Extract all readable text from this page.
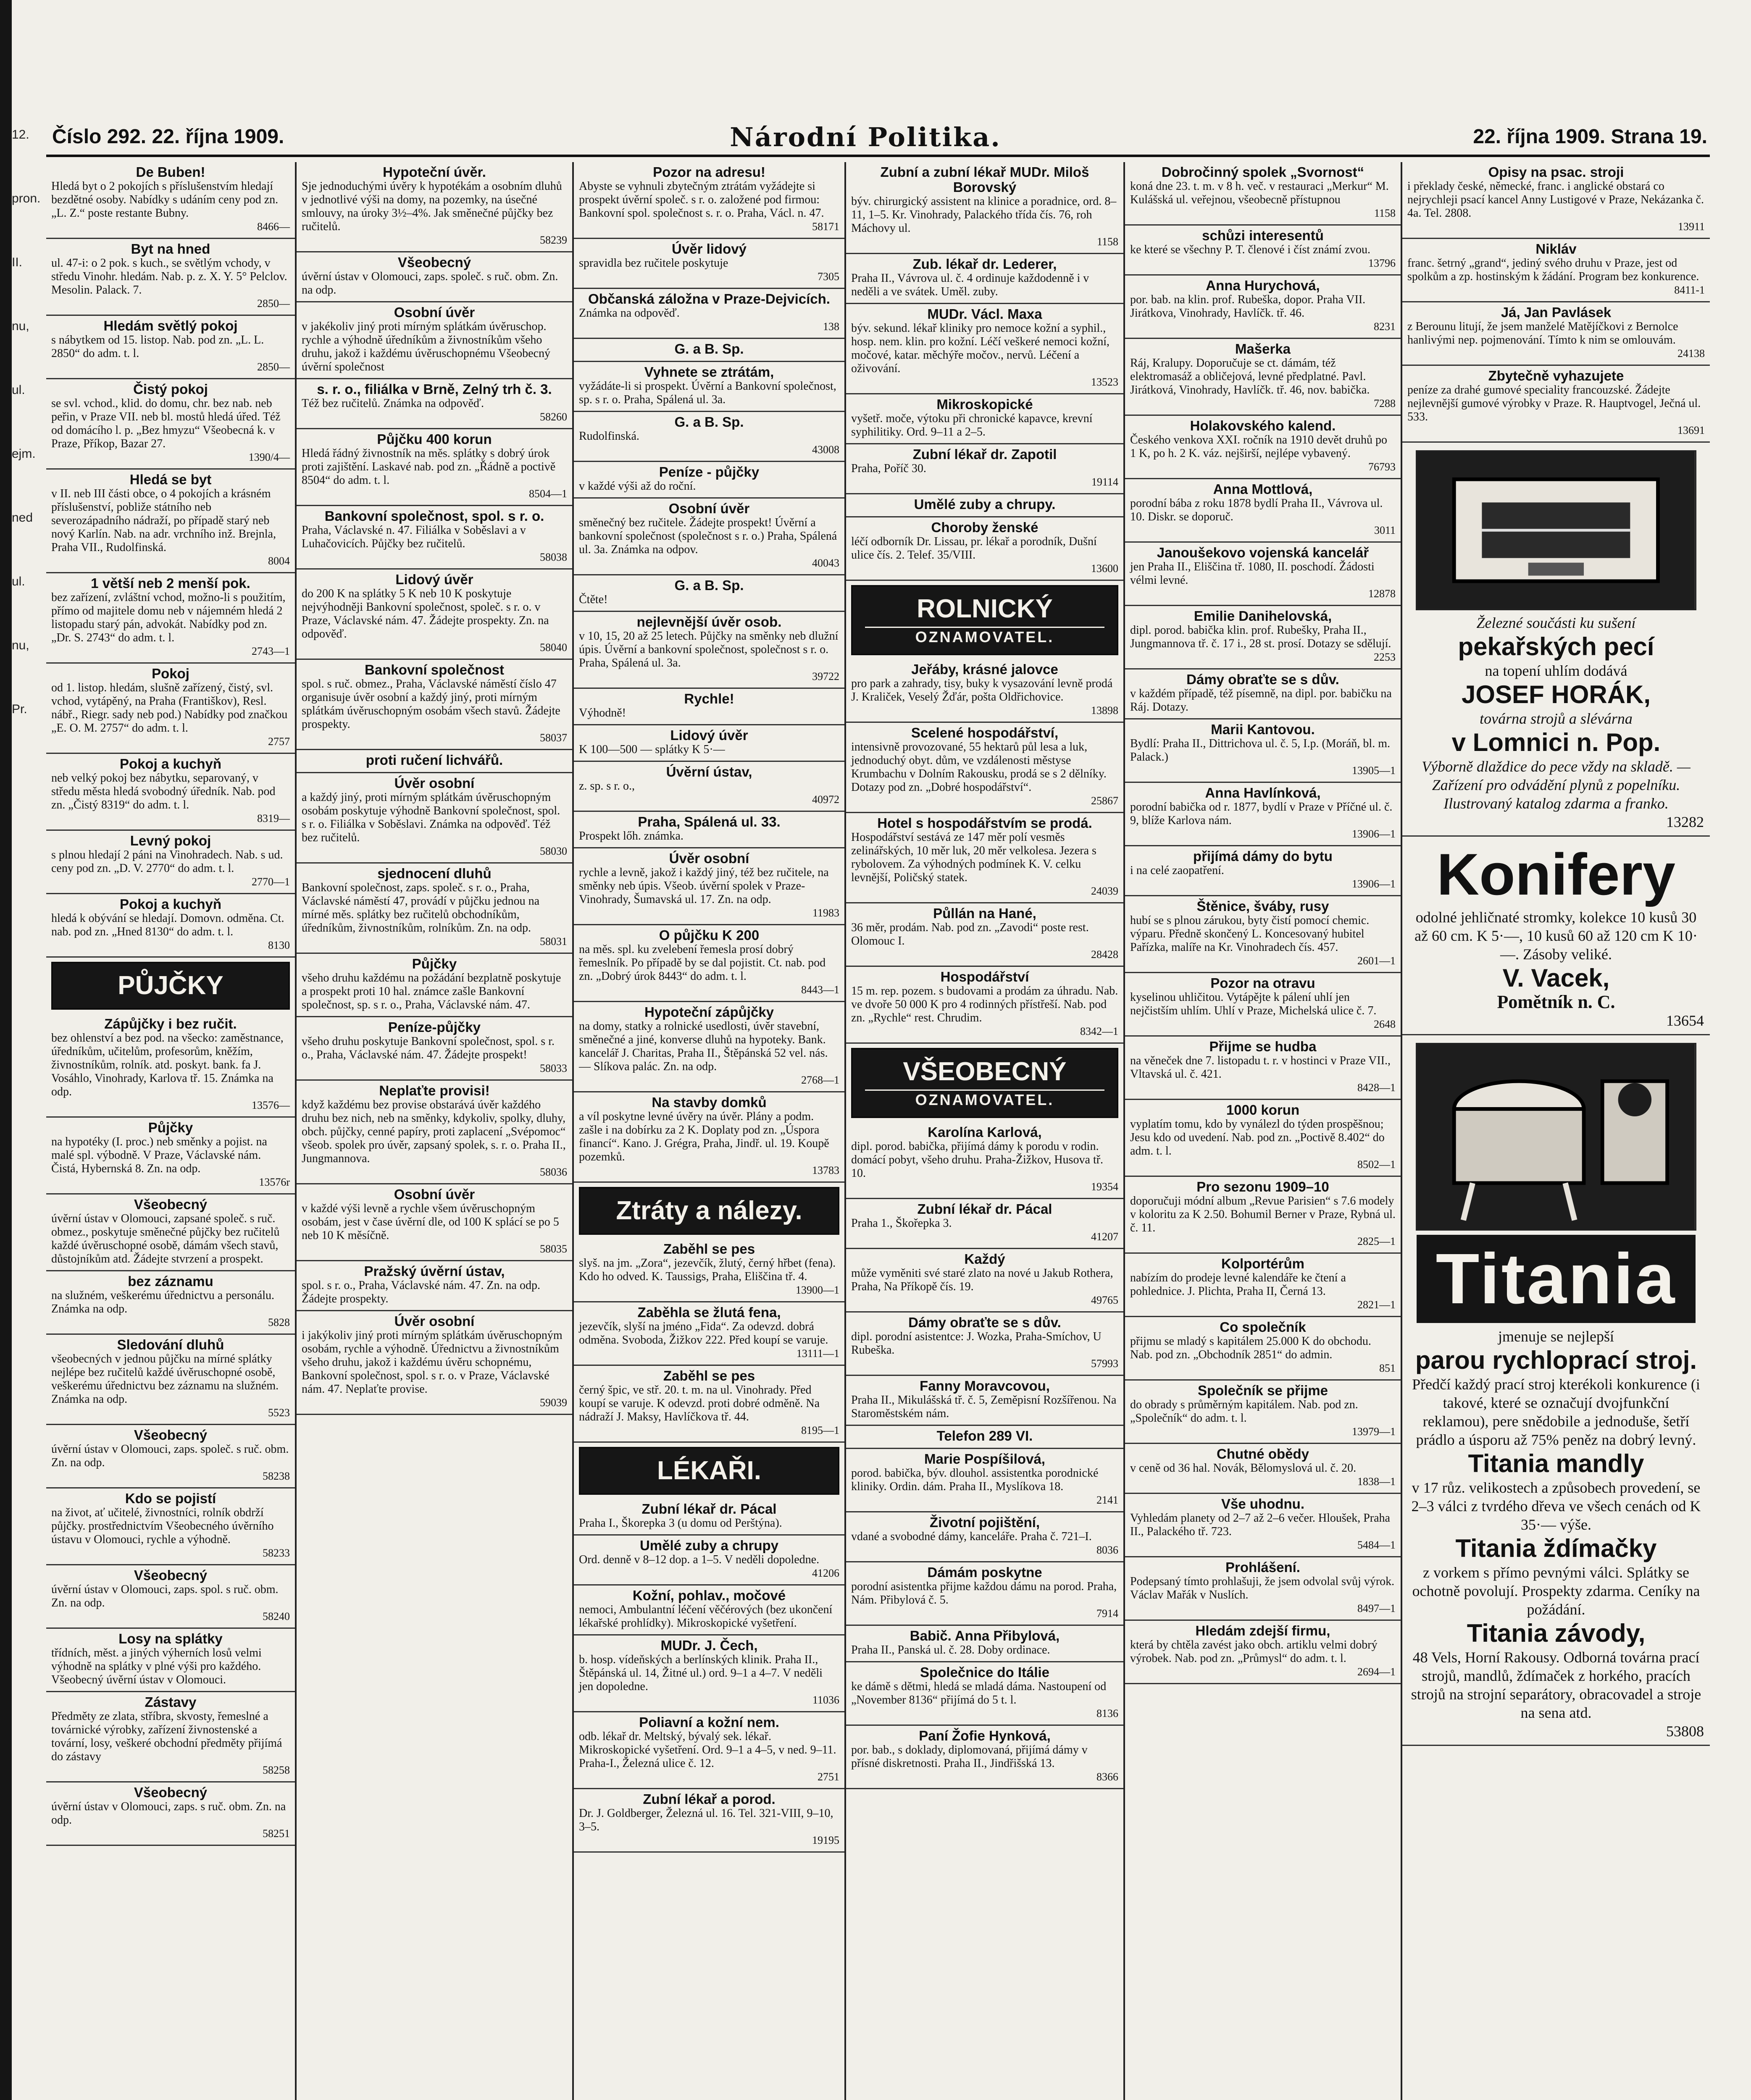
12.
pron.
II.
nu,
ul.
ejm.
ned
ul.
nu,
Pr.
Číslo 292. 22. října 1909.	Národní Politika.	22. října 1909. Strana 19.
De Buben!
Hledá byt o 2 pokojích s příslušenstvím hledají bezdětné osoby. Nabídky s udáním ceny pod zn. „L. Z.“ poste restante Bubny.
8466—
Byt na hned
ul. 47-i: o 2 pok. s kuch., se světlým vchody, v středu Vinohr. hledám. Nab. p. z. X. Y. 5° Pelclov. Mesolin. Palack. 7.
2850—
Hledám světlý pokoj
s nábytkem od 15. listop. Nab. pod zn. „L. L. 2850“ do adm. t. l.
2850—
Čistý pokoj
se svl. vchod., klid. do domu, chr. bez nab. neb peřin, v Praze VII. neb bl. mostů hledá úřed. Též od domácího l. p. „Bez hmyzu“ Všeobecná k. v Praze, Příkop, Bazar 27.
1390/4—
Hledá se byt
v II. neb III části obce, o 4 pokojích a krásném příslušenství, pobliže státního neb severozápadního nádraží, po případě starý neb nový Karlín. Nab. na adr. vrchního inž. Brejnla, Praha VII., Rudolfinská.
8004
1 větší neb 2 menší pok.
bez zařízení, zvláštní vchod, možno-li s použitím, přímo od majitele domu neb v nájemném hledá 2 listopadu starý pán, advokát. Nabídky pod zn. „Dr. S. 2743“ do adm. t. l.
2743—1
Pokoj
od 1. listop. hledám, slušně zařízený, čistý, svl. vchod, vytápěný, na Praha (Františkov), Resl. nábř., Riegr. sady neb pod.) Nabídky pod značkou „E. O. M. 2757“ do adm. t. l.
2757
Pokoj a kuchyň
neb velký pokoj bez nábytku, separovaný, v středu města hledá svobodný úředník. Nab. pod zn. „Čistý 8319“ do adm. t. l.
8319—
Levný pokoj
s plnou hledají 2 páni na Vinohradech. Nab. s ud. ceny pod zn. „D. V. 2770“ do adm. t. l.
2770—1
Pokoj a kuchyň
hledá k obývání se hledají. Domovn. odměna. Ct. nab. pod zn. „Hned 8130“ do adm. t. l.
8130
PŮJČKY
Zápůjčky i bez ručit.
bez ohlenství a bez pod. na všecko: zaměstnance, úředníkům, učitelům, profesorům, kněžím, živnostníkům, rolník. atd. poskyt. bank. fa J. Vosáhlo, Vinohrady, Karlova tř. 15. Známka na odp.
13576—
Půjčky
na hypotéky (I. proc.) neb směnky a pojist. na malé spl. výbodně. V Praze, Václavské nám. Čistá, Hybernská 8. Zn. na odp.
13576r
Všeobecný
úvěrní ústav v Olomouci, zapsané společ. s ruč. obmez., poskytuje směnečné půjčky bez ručitelů každé úvěruschopné osobě, dámám všech stavů, důstojníkům atd. Žádejte stvrzení a prospekt.
bez záznamu
na služném, veškerému úřednictvu a personálu. Známka na odp.
5828
Sledování dluhů
všeobecných v jednou půjčku na mírné splátky nejlépe bez ručitelů každé úvěruschopné osobě, veškerému úřednictvu bez záznamu na služném. Známka na odp.
5523
Všeobecný
úvěrní ústav v Olomouci, zaps. společ. s ruč. obm. Zn. na odp.
58238
Kdo se pojistí
na život, ať učitelé, živnostníci, rolník obdrží půjčky. prostřednictvím Všeobecného úvěrního ústavu v Olomouci, rychle a výhodně.
58233
Všeobecný
úvěrní ústav v Olomouci, zaps. spol. s ruč. obm. Zn. na odp.
58240
Losy na splátky
třídních, měst. a jiných výherních losů velmi výhodně na splátky v plné výši pro každého. Všeobecný úvěrní ústav v Olomouci.
Zástavy
Předměty ze zlata, stříbra, skvosty, řemeslné a továrnické výrobky, zařízení živnostenské a tovární, losy, veškeré obchodní předměty přijímá do zástavy
58258
Všeobecný
úvěrní ústav v Olomouci, zaps. s ruč. obm. Zn. na odp.
58251
Hypoteční úvěr.
Sje jednoduchými úvěry k hypotékám a osobním dluhů v jednotlivé výši na domy, na pozemky, na úsečné smlouvy, na úroky 3½–4%. Jak směnečné půjčky bez ručitelů.
58239
Všeobecný
úvěrní ústav v Olomouci, zaps. společ. s ruč. obm. Zn. na odp.
Osobní úvěr
v jakékoliv jiný proti mírným splátkám úvěruschop. rychle a výhodně úředníkům a živnostníkům všeho druhu, jakož i každému úvěruschopnému Všeobecný úvěrní společnost
s. r. o., filiálka v Brně, Zelný trh č. 3.
Též bez ručitelů. Známka na odpověď.
58260
Půjčku 400 korun
Hledá řádný živnostník na měs. splátky s dobrý úrok proti zajištění. Laskavé nab. pod zn. „Řádně a poctivě 8504“ do adm. t. l.
8504—1
Bankovní společnost, spol. s r. o.
Praha, Václavské n. 47. Filiálka v Soběslavi a v Luhačovicích. Půjčky bez ručitelů.
58038
Lidový úvěr
do 200 K na splátky 5 K neb 10 K poskytuje nejvýhodněji Bankovní společnost, společ. s r. o. v Praze, Václavské nám. 47. Žádejte prospekty. Zn. na odpověď.
58040
Bankovní společnost
spol. s ruč. obmez., Praha, Václavské náměstí číslo 47 organisuje úvěr osobní a každý jiný, proti mírným splátkám úvěruschopným osobám všech stavů. Žádejte prospekty.
58037
proti ručení lichvářů.
Úvěr osobní
a každý jiný, proti mírným splátkám úvěruschopným osobám poskytuje výhodně Bankovní společnost, spol. s r. o. Filiálka v Soběslavi. Známka na odpověď. Též bez ručitelů.
58030
sjednocení dluhů
Bankovní společnost, zaps. společ. s r. o., Praha, Václavské náměstí 47, provádí v půjčku jednou na mírné měs. splátky bez ručitelů obchodníkům, úředníkům, živnostníkům, rolníkům. Zn. na odp.
58031
Půjčky
všeho druhu každému na požádání bezplatně poskytuje a prospekt proti 10 hal. známce zašle Bankovní společnost, sp. s r. o., Praha, Václavské nám. 47.
Peníze-půjčky
všeho druhu poskytuje Bankovní společnost, spol. s r. o., Praha, Václavské nám. 47. Žádejte prospekt!
58033
Neplaťte provisi!
když každému bez provise obstarává úvěr každého druhu bez nich, neb na směnky, kdykoliv, spolky, dluhy, obch. půjčky, cenné papíry, proti zaplacení „Svépomoc“ všeob. spolek pro úvěr, zapsaný spolek, s. r. o. Praha II., Jungmannova.
58036
Osobní úvěr
v každé výši levně a rychle všem úvěruschopným osobám, jest v čase úvěrní dle, od 100 K splácí se po 5 neb 10 K měsíčně.
58035
Pražský úvěrní ústav,
spol. s r. o., Praha, Václavské nám. 47. Zn. na odp. Žádejte prospekty.
Úvěr osobní
i jakýkoliv jiný proti mírným splátkám úvěruschopným osobám, rychle a výhodně. Úřednictvu a živnostníkům všeho druhu, jakož i každému úvěru schopnému, Bankovní společnost, spol. s r. o. v Praze, Václavské nám. 47. Neplaťte provise.
59039
Pozor na adresu!
Abyste se vyhnuli zbytečným ztrátám vyžádejte si prospekt úvěrní společ. s r. o. založené pod firmou: Bankovní spol. společnost s. r. o. Praha, Václ. n. 47.
58171
Úvěr lidový
spravidla bez ručitele poskytuje
7305
Občanská záložna v Praze-Dejvicích.
Známka na odpověď.
138
G. a B. Sp.
Vyhnete se ztrátám,
vyžádáte-li si prospekt. Úvěrní a Bankovní společnost, sp. s r. o. Praha, Spálená ul. 3a.
G. a B. Sp.
Rudolfinská.
43008
Peníze - půjčky
v každé výši až do roční.
Osobní úvěr
směnečný bez ručitele. Žádejte prospekt! Úvěrní a bankovní společnost (společnost s r. o.) Praha, Spálená ul. 3a. Známka na odpov.
40043
G. a B. Sp.
Čtěte!
nejlevnější úvěr osob.
v 10, 15, 20 až 25 letech. Půjčky na směnky neb dlužní úpis. Úvěrní a bankovní společnost, společnost s r. o. Praha, Spálená ul. 3a.
39722
Rychle!
Výhodně!
Lidový úvěr
K 100—500 — splátky K 5·—
Úvěrní ústav,
z. sp. s r. o.,
40972
Praha, Spálená ul. 33.
Prospekt lőh. známka.
Úvěr osobní
rychle a levně, jakož i každý jiný, též bez ručitele, na směnky neb úpis. Všeob. úvěrní spolek v Praze-Vinohrady, Šumavská ul. 17. Zn. na odp.
11983
O půjčku K 200
na měs. spl. ku zvelebení řemesla prosí dobrý řemeslník. Po případě by se dal pojistit. Ct. nab. pod zn. „Dobrý úrok 8443“ do adm. t. l.
8443—1
Hypoteční zápůjčky
na domy, statky a rolnické usedlosti, úvěr stavební, směnečné a jiné, konverse dluhů na hypoteky. Bank. kancelář J. Charitas, Praha II., Štěpánská 52 vel. nás. — Slíkova palác. Zn. na odp.
2768—1
Na stavby domků
a víl poskytne levné úvěry na úvěr. Plány a podm. zašle i na dobírku za 2 K. Doplaty pod zn. „Úspora financí“. Kano. J. Grégra, Praha, Jindř. ul. 19. Koupě pozemků.
13783
Ztráty a nálezy.
Zaběhl se pes
slyš. na jm. „Zora“, jezevčík, žlutý, černý hřbet (fena). Kdo ho odved. K. Taussigs, Praha, Eliščina tř. 4.
13900—1
Zaběhla se žlutá fena,
jezevčík, slyší na jméno „Fida“. Za odevzd. dobrá odměna. Svoboda, Žižkov 222. Před koupí se varuje.
13111—1
Zaběhl se pes
černý špic, ve stř. 20. t. m. na ul. Vinohrady. Před koupí se varuje. K odevzd. proti dobré odměně. Na nádraží J. Maksy, Havlíčkova tř. 44.
8195—1
LÉKAŘI.
Zubní lékař dr. Pácal
Praha I., Škorepka 3 (u domu od Perštýna).
Umělé zuby a chrupy
Ord. denně v 8–12 dop. a 1–5. V neděli dopoledne.
41206
Kožní, pohlav., močové
nemoci, Ambulantní léčení věčérových (bez ukončení lékařské prohlídky). Mikroskopické vyšetření.
MUDr. J. Čech,
b. hosp. vídeňských a berlínských klinik. Praha II., Štěpánská ul. 14, Žitné ul.) ord. 9–1 a 4–7. V neděli jen dopoledne.
11036
Poliavní a kožní nem.
odb. lékař dr. Meltský, bývalý sek. lékař. Mikroskopické vyšetření. Ord. 9–1 a 4–5, v ned. 9–11. Praha-I., Železná ulice č. 12.
2751
Zubní lékař a porod.
Dr. J. Goldberger, Železná ul. 16. Tel. 321-VIII, 9–10, 3–5.
19195
Zubní a zubní lékař MUDr. Miloš Borovský
býv. chirurgický assistent na klinice a poradnice, ord. 8–11, 1–5. Kr. Vinohrady, Palackého třída čís. 76, roh Máchovy ul.
1158
Zub. lékař dr. Lederer,
Praha II., Vávrova ul. č. 4 ordinuje každodenně i v neděli a ve svátek. Uměl. zuby.
MUDr. Václ. Maxa
býv. sekund. lékař kliniky pro nemoce kožní a syphil., hosp. nem. klin. pro kožní. Léčí veškeré nemoci kožní, močové, katar. měchýře močov., nervů. Léčení a oživování.
13523
Mikroskopické
vyšetř. moče, výtoku při chronické kapavce, krevní syphilitiky. Ord. 9–11 a 2–5.
Zubní lékař dr. Zapotil
Praha, Poříč 30.
19114
Umělé zuby a chrupy.
Choroby ženské
léčí odborník Dr. Lissau, pr. lékař a porodník, Dušní ulice čís. 2. Telef. 35/VIII.
13600
ROLNICKÝ
OZNAMOVATEL.
Jeřáby, krásné jalovce
pro park a zahrady, tisy, buky k vysazování levně prodá J. Kraliček, Veselý Žďár, pošta Oldřichovice.
13898
Scelené hospodářství,
intensivně provozované, 55 hektarů půl lesa a luk, jednoduchý obyt. dům, ve vzdálenosti městyse Krumbachu v Dolním Rakousku, prodá se s 2 dělníky. Dotazy pod zn. „Dobré hospodářství“.
25867
Hotel s hospodářstvím se prodá.
Hospodářství sestává ze 147 měr polí vesměs zelinářských, 10 měr luk, 20 měr velkolesa. Jezera s rybolovem. Za výhodných podmínek K. V. celku levnější, Poličský statek.
24039
Půllán na Hané,
36 měr, prodám. Nab. pod zn. „Zavodi“ poste rest. Olomouc I.
28428
Hospodářství
15 m. rep. pozem. s budovami a prodám za úhradu. Nab. ve dvoře 50 000 K pro 4 rodinných přístřeší. Nab. pod zn. „Rychle“ rest. Chrudim.
8342—1
VŠEOBECNÝ
OZNAMOVATEL.
Karolína Karlová,
dipl. porod. babička, přijímá dámy k porodu v rodin. domácí pobyt, všeho druhu. Praha-Žižkov, Husova tř. 10.
19354
Zubní lékař dr. Pácal
Praha 1., Škořepka 3.
41207
Každý
může vyměniti své staré zlato na nové u Jakub Rothera, Praha, Na Příkopě čís. 19.
49765
Dámy obraťte se s dův.
dipl. porodní asistentce: J. Wozka, Praha-Smíchov, U Rubeška.
57993
Fanny Moravcovou,
Praha II., Mikulášská tř. č. 5, Zeměpisní Rozšířenou. Na Staroměstském nám.
Telefon 289 VI.
Marie Pospíšilová,
porod. babička, býv. dlouhol. assistentka porodnické kliniky. Ordin. dám. Praha II., Myslíkova 18.
2141
Životní pojištění,
vdané a svobodné dámy, kanceláře. Praha č. 721–I.
8036
Dámám poskytne
porodní asistentka přijme každou dámu na porod. Praha, Nám. Přibylová č. 5.
7914
Babič. Anna Přibylová,
Praha II., Panská ul. č. 28. Doby ordinace.
Společnice do Itálie
ke dámě s dětmi, hledá se mladá dáma. Nastoupení od „November 8136“ přijímá do 5 t. l.
8136
Paní Žofie Hynková,
por. bab., s doklady, diplomovaná, přijímá dámy v přísné diskretnosti. Praha II., Jindřišská 13.
8366
Dobročinný spolek „Svornost“
koná dne 23. t. m. v 8 h. več. v restauraci „Merkur“ M. Kulášská ul. veřejnou, všeobecně přístupnou
1158
schůzi interesentů
ke které se všechny P. T. členové i číst známí zvou.
13796
Anna Hurychová,
por. bab. na klin. prof. Rubeška, dopor. Praha VII. Jirátkova, Vinohrady, Havlíčk. tř. 46.
8231
Mašerka
Ráj, Kralupy. Doporučuje se ct. dámám, též elektromasáž a obličejová, levné předplatné. Pavl. Jirátková, Vinohrady, Havlíčk. tř. 46, nov. babička.
7288
Holakovského kalend.
Českého venkova XXI. ročník na 1910 devět druhů po 1 K, po h. 2 K. váz. nejširší, nejlépe vybavený.
76793
Anna Mottlová,
porodní bába z roku 1878 bydlí Praha II., Vávrova ul. 10. Diskr. se doporuč.
3011
Janoušekovo vojenská kancelář
jen Praha II., Eliščina tř. 1080, II. poschodí. Žádosti vélmi levné.
12878
Emilie Danihelovská,
dipl. porod. babička klin. prof. Rubešky, Praha II., Jungmannova tř. č. 17 i., 28 st. prosí. Dotazy se sdělují.
2253
Dámy obraťte se s dův.
v každém případě, též písemně, na dipl. por. babičku na Ráj. Dotazy.
Marii Kantovou.
Bydlí: Praha II., Dittrichova ul. č. 5, I.p. (Moráň, bl. m. Palack.)
13905—1
Anna Havlínková,
porodní babička od r. 1877, bydlí v Praze v Příčné ul. č. 9, blíže Karlova nám.
13906—1
přijímá dámy do bytu
i na celé zaopatření.
13906—1
Štěnice, šváby, rusy
hubí se s plnou zárukou, byty čistí pomocí chemic. výparu. Předně skončený L. Koncesovaný hubitel Pařízka, malíře na Kr. Vinohradech čís. 457.
2601—1
Pozor na otravu
kyselinou uhličitou. Vytápějte k pálení uhlí jen nejčistším uhlím. Uhlí v Praze, Michelská ulice č. 7.
2648
Přijme se hudba
na věneček dne 7. listopadu t. r. v hostinci v Praze VII., Vltavská ul. č. 421.
8428—1
1000 korun
vyplatím tomu, kdo by vynálezl do týden prospěšnou; Jesu kdo od uvedení. Nab. pod zn. „Poctivě 8.402“ do adm. t. l.
8502—1
Pro sezonu 1909–10
doporučuji módní album „Revue Parisien“ s 7.6 modely v koloritu za K 2.50. Bohumil Berner v Praze, Rybná ul. č. 11.
2825—1
Kolportérům
nabízím do prodeje levné kalendáře ke čtení a pohlednice. J. Plichta, Praha II, Černá 13.
2821—1
Co společník
přijmu se mladý s kapitálem 25.000 K do obchodu. Nab. pod zn. „Obchodník 2851“ do admin.
851
Společník se přijme
do obrady s průměrným kapitálem. Nab. pod zn. „Společník“ do adm. t. l.
13979—1
Chutné obědy
v ceně od 36 hal. Novák, Bělomyslová ul. č. 20.
1838—1
Vše uhodnu.
Vyhledám planety od 2–7 až 2–6 večer. Hloušek, Praha II., Palackého tř. 723.
5484—1
Prohlášení.
Podepsaný tímto prohlašuji, že jsem odvolal svůj výrok. Václav Mařák v Nuslích.
8497—1
Hledám zdejší firmu,
která by chtěla zavést jako obch. artiklu velmi dobrý výrobek. Nab. pod zn. „Průmysl“ do adm. t. l.
2694—1
Opisy na psac. stroji
i překlady české, německé, franc. i anglické obstará co nejrychleji psací kancel Anny Lustigové v Praze, Nekázanka č. 4a. Tel. 2808.
13911
Nikláv
franc. šetrný „grand“, jediný svého druhu v Praze, jest od spolkům a zp. hostinským k žádání. Program bez konkurence.
8411-1
Já, Jan Pavlásek
z Berounu litují, že jsem manželé Matějíčkovi z Bernolce hanlivými nep. pojmenování. Tímto k nim se omlouvám.
24138
Zbytečně vyhazujete
peníze za drahé gumové speciality francouzské. Žádejte nejlevnější gumové výrobky v Praze. R. Hauptvogel, Ječná ul. 533.
13691
Železné součásti ku sušení
pekařských pecí
na topení uhlím dodává
JOSEF HORÁK,
továrna strojů a slévárna
v Lomnici n. Pop.
Výborně dlaždice do pece vždy na skladě. — Zařízení pro odvádění plynů z popelníku. Ilustrovaný katalog zdarma a franko.
13282
Konifery
odolné jehličnaté stromky, kolekce 10 kusů 30 až 60 cm. K 5·—, 10 kusů 60 až 120 cm K 10·—. Zásoby veliké.
V. Vacek,
Pomětník n. C.
13654
Titania
jmenuje se nejlepší
parou rychloprací stroj.
Předčí každý prací stroj kterékoli konkurence (i takové, které se označují dvojfunkční reklamou), pere snědobile a jednoduše, šetří prádlo a úsporu až 75% peněz na dobrý levný.
Titania mandly
v 17 růz. velikostech a způsobech provedení, se 2–3 válci z tvrdého dřeva ve všech cenách od K 35·— výše.
Titania ždímačky
z vorkem s přímo pevnými válci. Splátky se ochotně povolují. Prospekty zdarma. Ceníky na požádání.
Titania závody,
48 Vels, Horní Rakousy. Odborná továrna prací strojů, mandlů, ždímaček z horkého, pracích strojů na strojní separátory, obracovadel a stroje na sena atd.
53808
